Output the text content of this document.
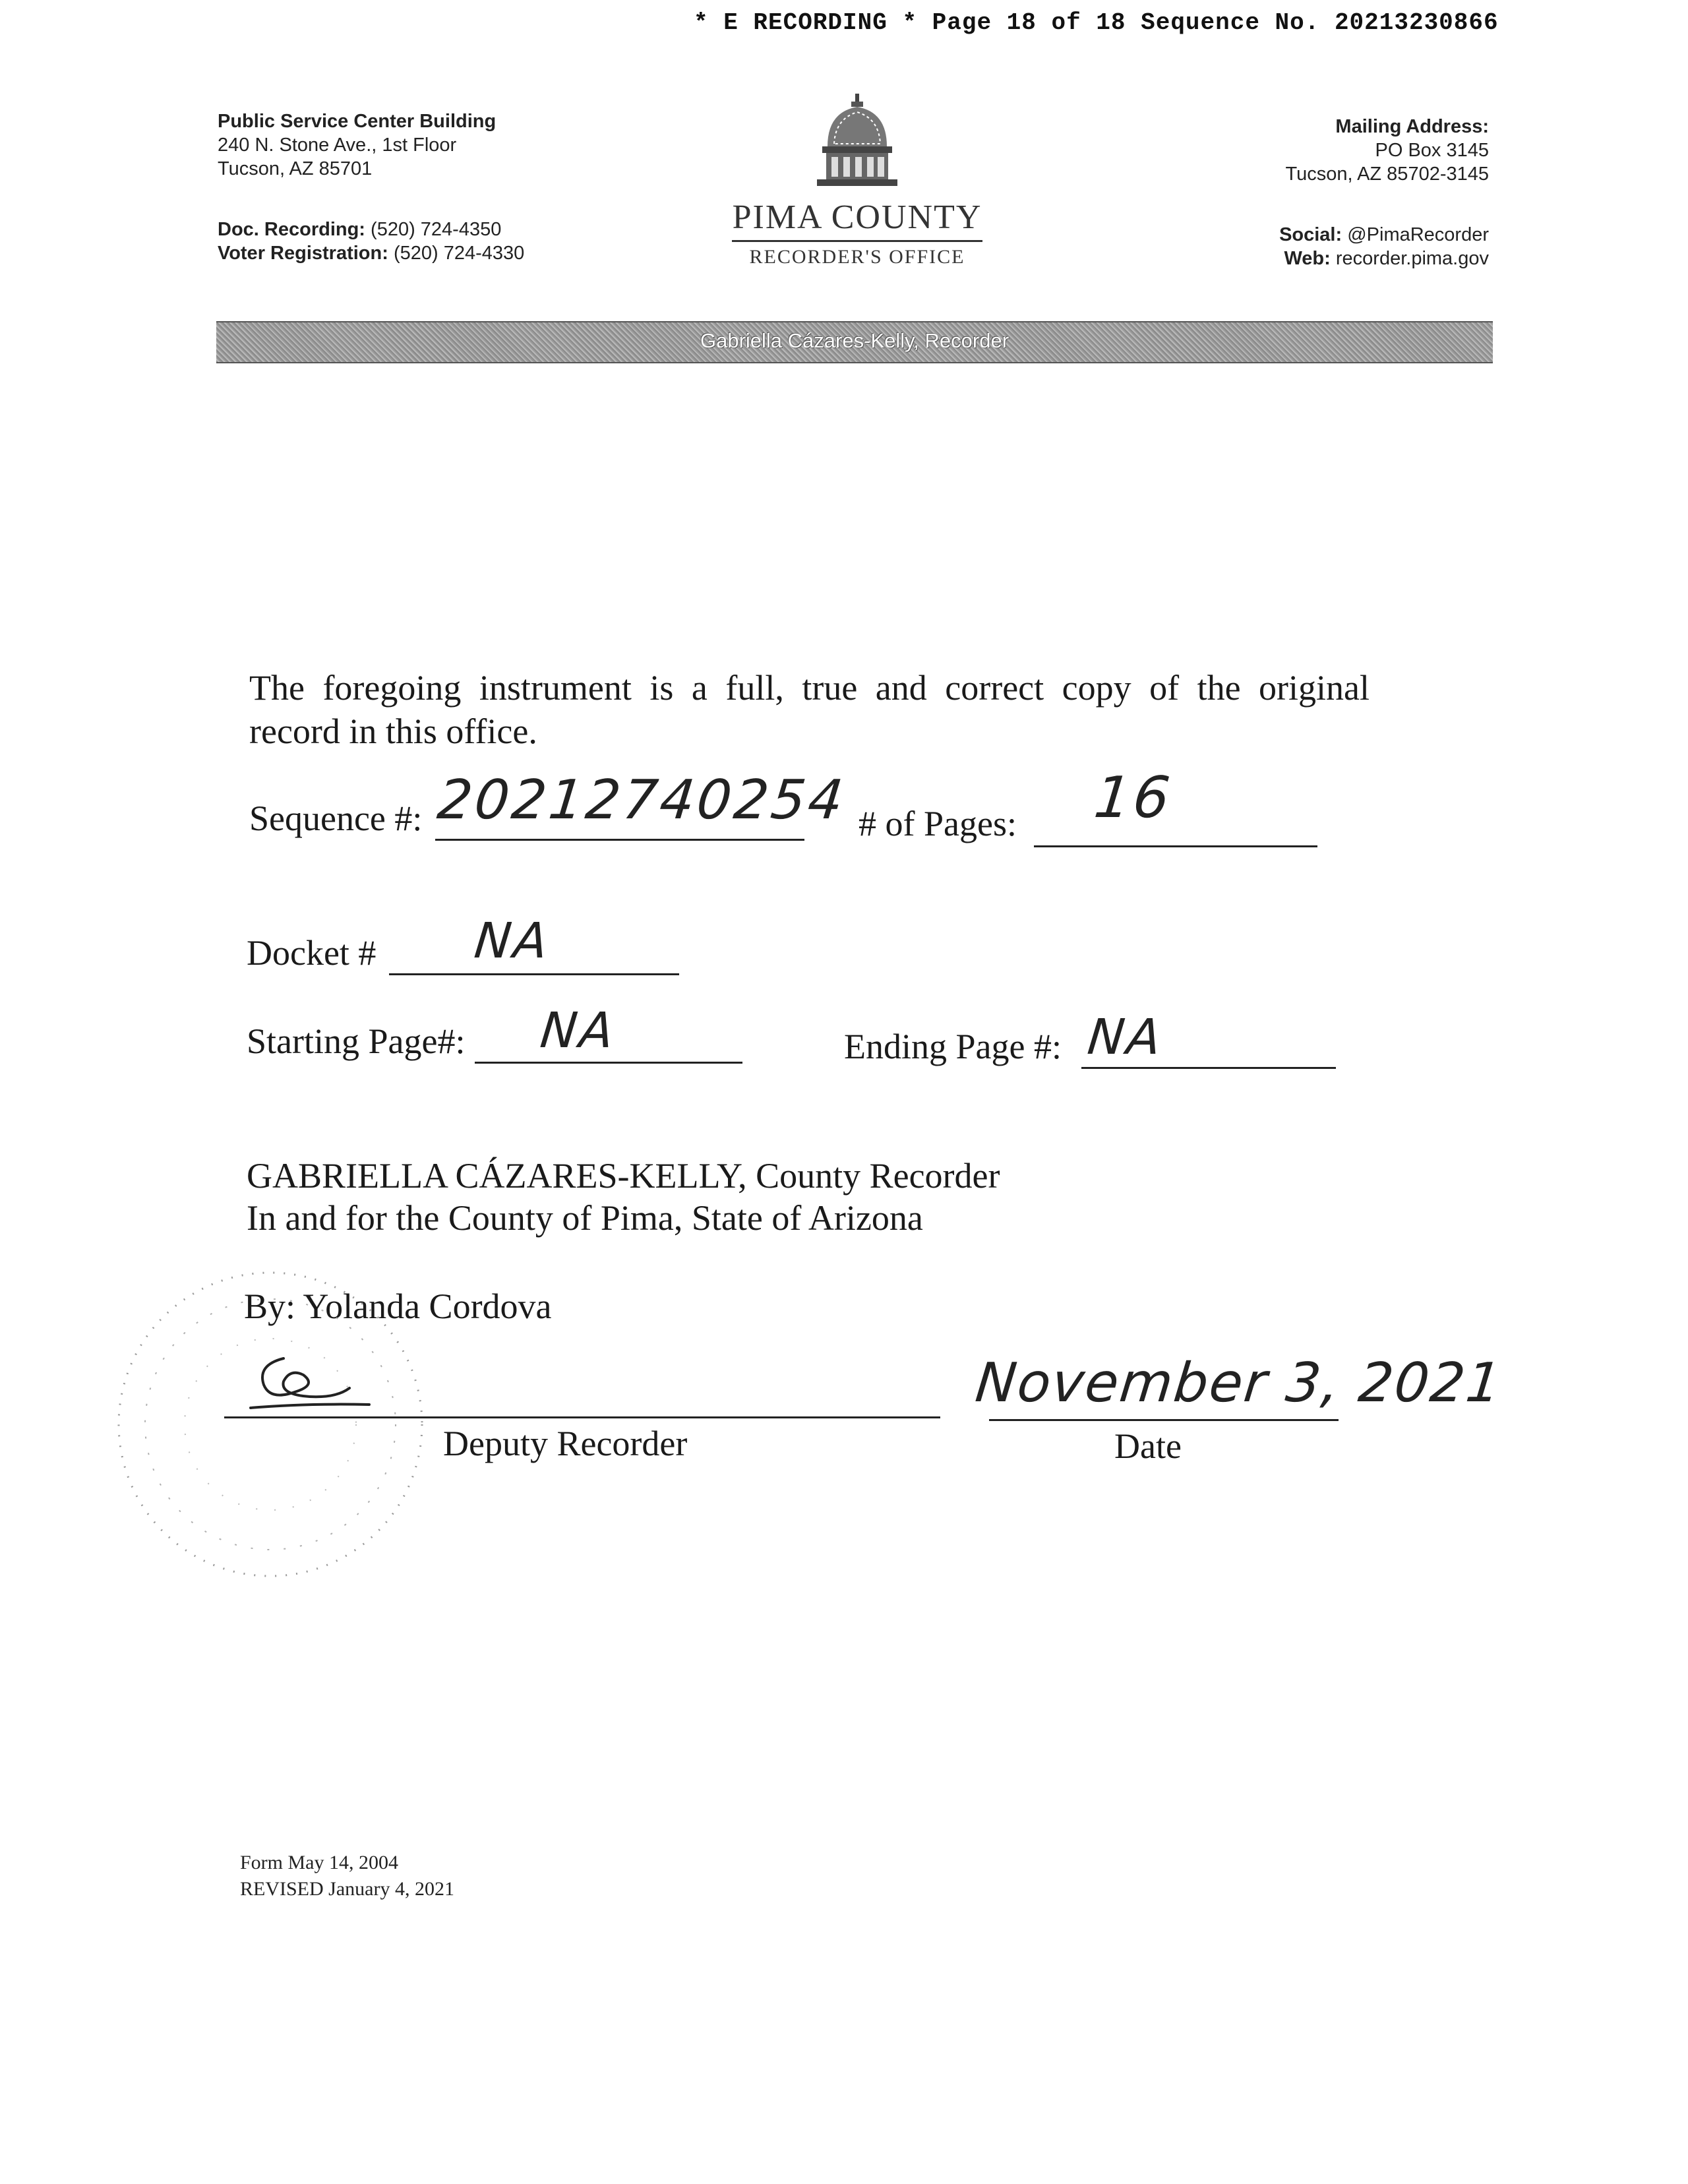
* E RECORDING * Page 18 of 18 Sequence No. 20213230866
Public Service Center Building
240 N. Stone Ave., 1st Floor
Tucson, AZ 85701
Doc. Recording: (520) 724-4350
Voter Registration: (520) 724-4330
PIMA COUNTY
RECORDER'S OFFICE
Mailing Address:
PO Box 3145
Tucson, AZ 85702-3145
Social: @PimaRecorder
Web: recorder.pima.gov
Gabriella Cázares-Kelly, Recorder
The foregoing instrument is a full, true and correct copy of the original
record in this office.
Sequence #: 20212740254 # of Pages: 16
Docket # NA
Starting Page#: NA	Ending Page #: NA
GABRIELLA CÁZARES-KELLY, County Recorder
In and for the County of Pima, State of Arizona
By: Yolanda Cordova
Deputy Recorder
November 3, 2021
Date
Form May 14, 2004
REVISED January 4, 2021
